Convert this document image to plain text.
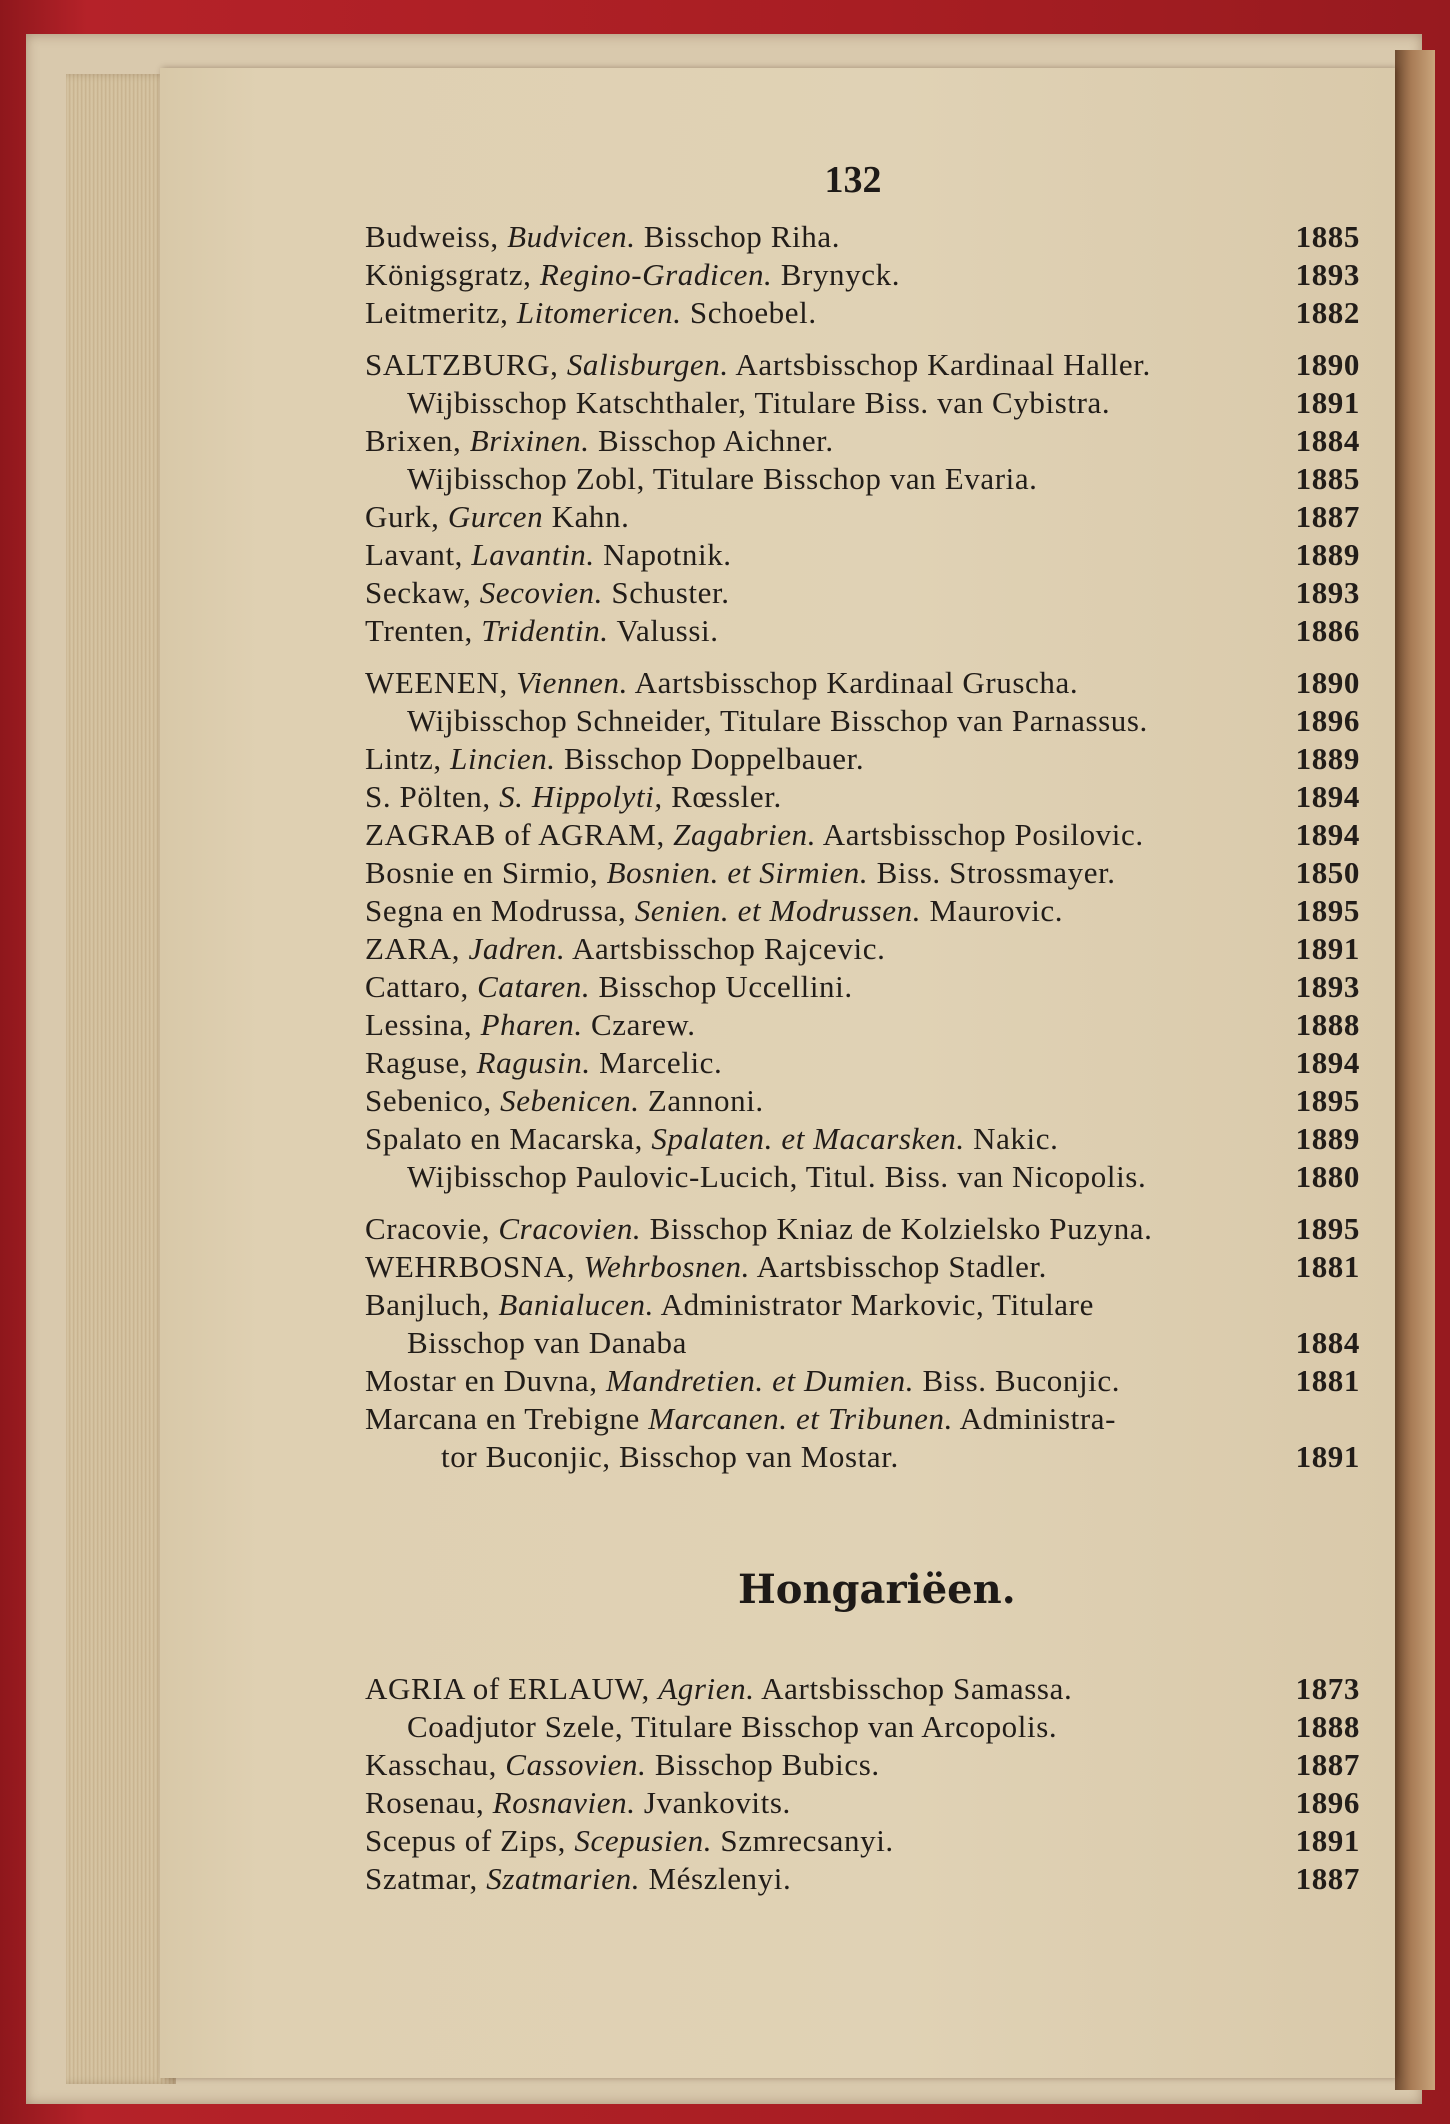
132
Budweiss, Budvicen. Bisschop Riha.	1885
Königsgratz, Regino-Gradicen. Brynyck.	1893
Leitmeritz, Litomericen. Schoebel.	1882
SALTZBURG, Salisburgen. Aartsbisschop Kardinaal Haller.	1890
Wijbisschop Katschthaler, Titulare Biss. van Cybistra.	1891
Brixen, Brixinen. Bisschop Aichner.	1884
Wijbisschop Zobl, Titulare Bisschop van Evaria.	1885
Gurk, Gurcen Kahn.	1887
Lavant, Lavantin. Napotnik.	1889
Seckaw, Secovien. Schuster.	1893
Trenten, Tridentin. Valussi.	1886
WEENEN, Viennen. Aartsbisschop Kardinaal Gruscha.	1890
Wijbisschop Schneider, Titulare Bisschop van Parnassus.	1896
Lintz, Lincien. Bisschop Doppelbauer.	1889
S. Pölten, S. Hippolyti, Rœssler.	1894
ZAGRAB of AGRAM, Zagabrien. Aartsbisschop Posilovic.	1894
Bosnie en Sirmio, Bosnien. et Sirmien. Biss. Strossmayer.	1850
Segna en Modrussa, Senien. et Modrussen. Maurovic.	1895
ZARA, Jadren. Aartsbisschop Rajcevic.	1891
Cattaro, Cataren. Bisschop Uccellini.	1893
Lessina, Pharen. Czarew.	1888
Raguse, Ragusin. Marcelic.	1894
Sebenico, Sebenicen. Zannoni.	1895
Spalato en Macarska, Spalaten. et Macarsken. Nakic.	1889
Wijbisschop Paulovic-Lucich, Titul. Biss. van Nicopolis.	1880
Cracovie, Cracovien. Bisschop Kniaz de Kolzielsko Puzyna.	1895
WEHRBOSNA, Wehrbosnen. Aartsbisschop Stadler.	1881
Banjluch, Banialucen. Administrator Markovic, Titulare
Bisschop van Danaba	1884
Mostar en Duvna, Mandretien. et Dumien. Biss. Buconjic.	1881
Marcana en Trebigne Marcanen. et Tribunen. Administra-
tor Buconjic, Bisschop van Mostar.	1891
Hongariëen.
AGRIA of ERLAUW, Agrien. Aartsbisschop Samassa.	1873
Coadjutor Szele, Titulare Bisschop van Arcopolis.	1888
Kasschau, Cassovien. Bisschop Bubics.	1887
Rosenau, Rosnavien. Jvankovits.	1896
Scepus of Zips, Scepusien. Szmrecsanyi.	1891
Szatmar, Szatmarien. Mészlenyi.	1887
